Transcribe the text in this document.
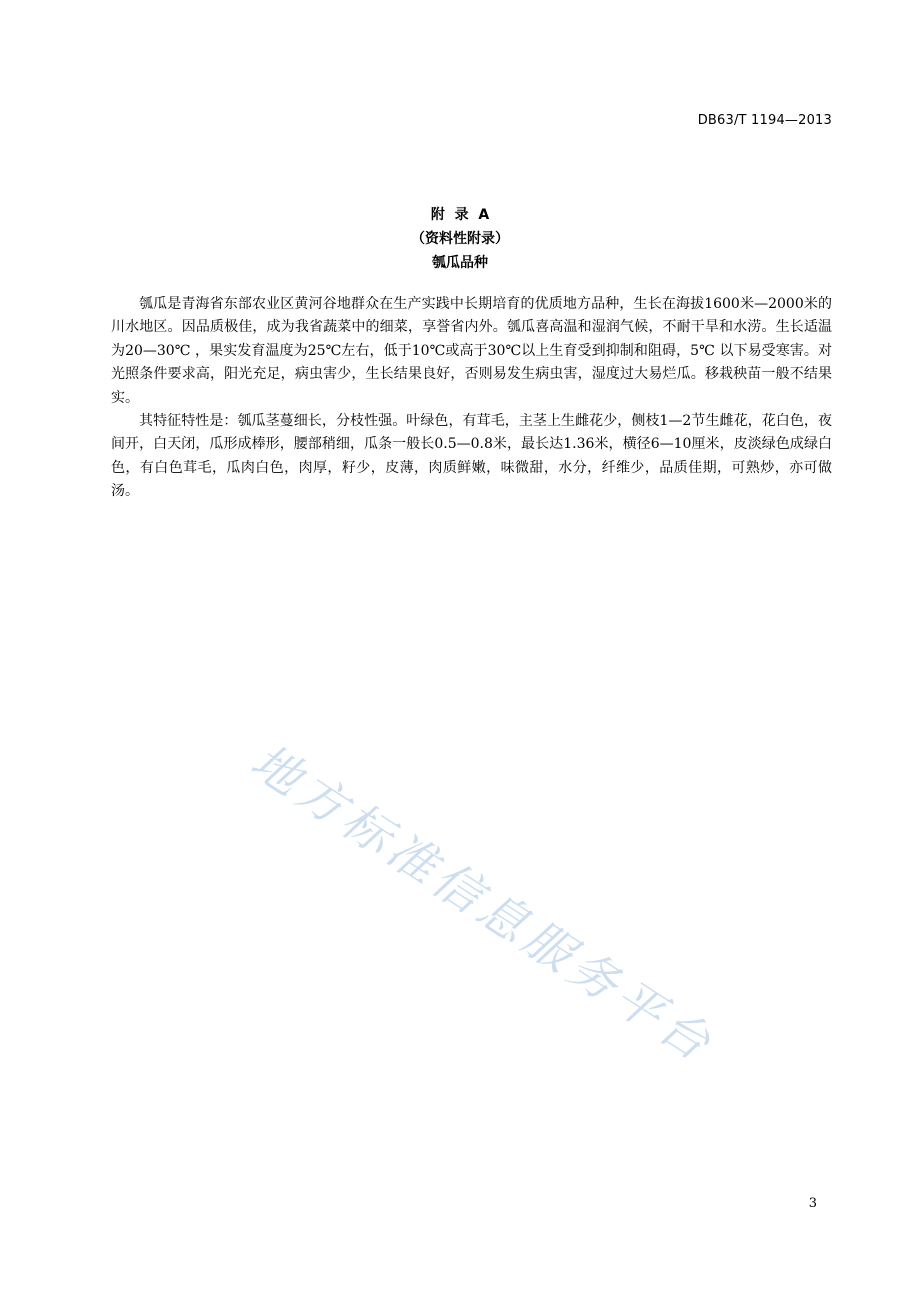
DB63/T 1194—2013
附  录  A
（资料性附录）
瓠瓜品种

瓠瓜是青海省东部农业区黄河谷地群众在生产实践中长期培育的优质地方品种，生长在海拔1600米—2000米的川水地区。因品质极佳，成为我省蔬菜中的细菜，享誉省内外。瓠瓜喜高温和湿润气候，不耐干旱和水涝。生长适温为20—30℃ ，果实发育温度为25℃左右，低于10℃或高于30℃以上生育受到抑制和阻碍，5℃ 以下易受寒害。对光照条件要求高，阳光充足，病虫害少，生长结果良好，否则易发生病虫害，湿度过大易烂瓜。移栽秧苗一般不结果实。

其特征特性是：瓠瓜茎蔓细长，分枝性强。叶绿色，有茸毛，主茎上生雌花少，侧枝1—2节生雌花，花白色，夜间开，白天闭，瓜形成棒形，腰部稍细，瓜条一般长0.5—0.8米，最长达1.36米，横径6—10厘米，皮淡绿色成绿白色，有白色茸毛，瓜肉白色，肉厚，籽少，皮薄，肉质鲜嫩，味微甜，水分，纤维少，品质佳期，可熟炒，亦可做汤。

地方标准信息服务平台
3
